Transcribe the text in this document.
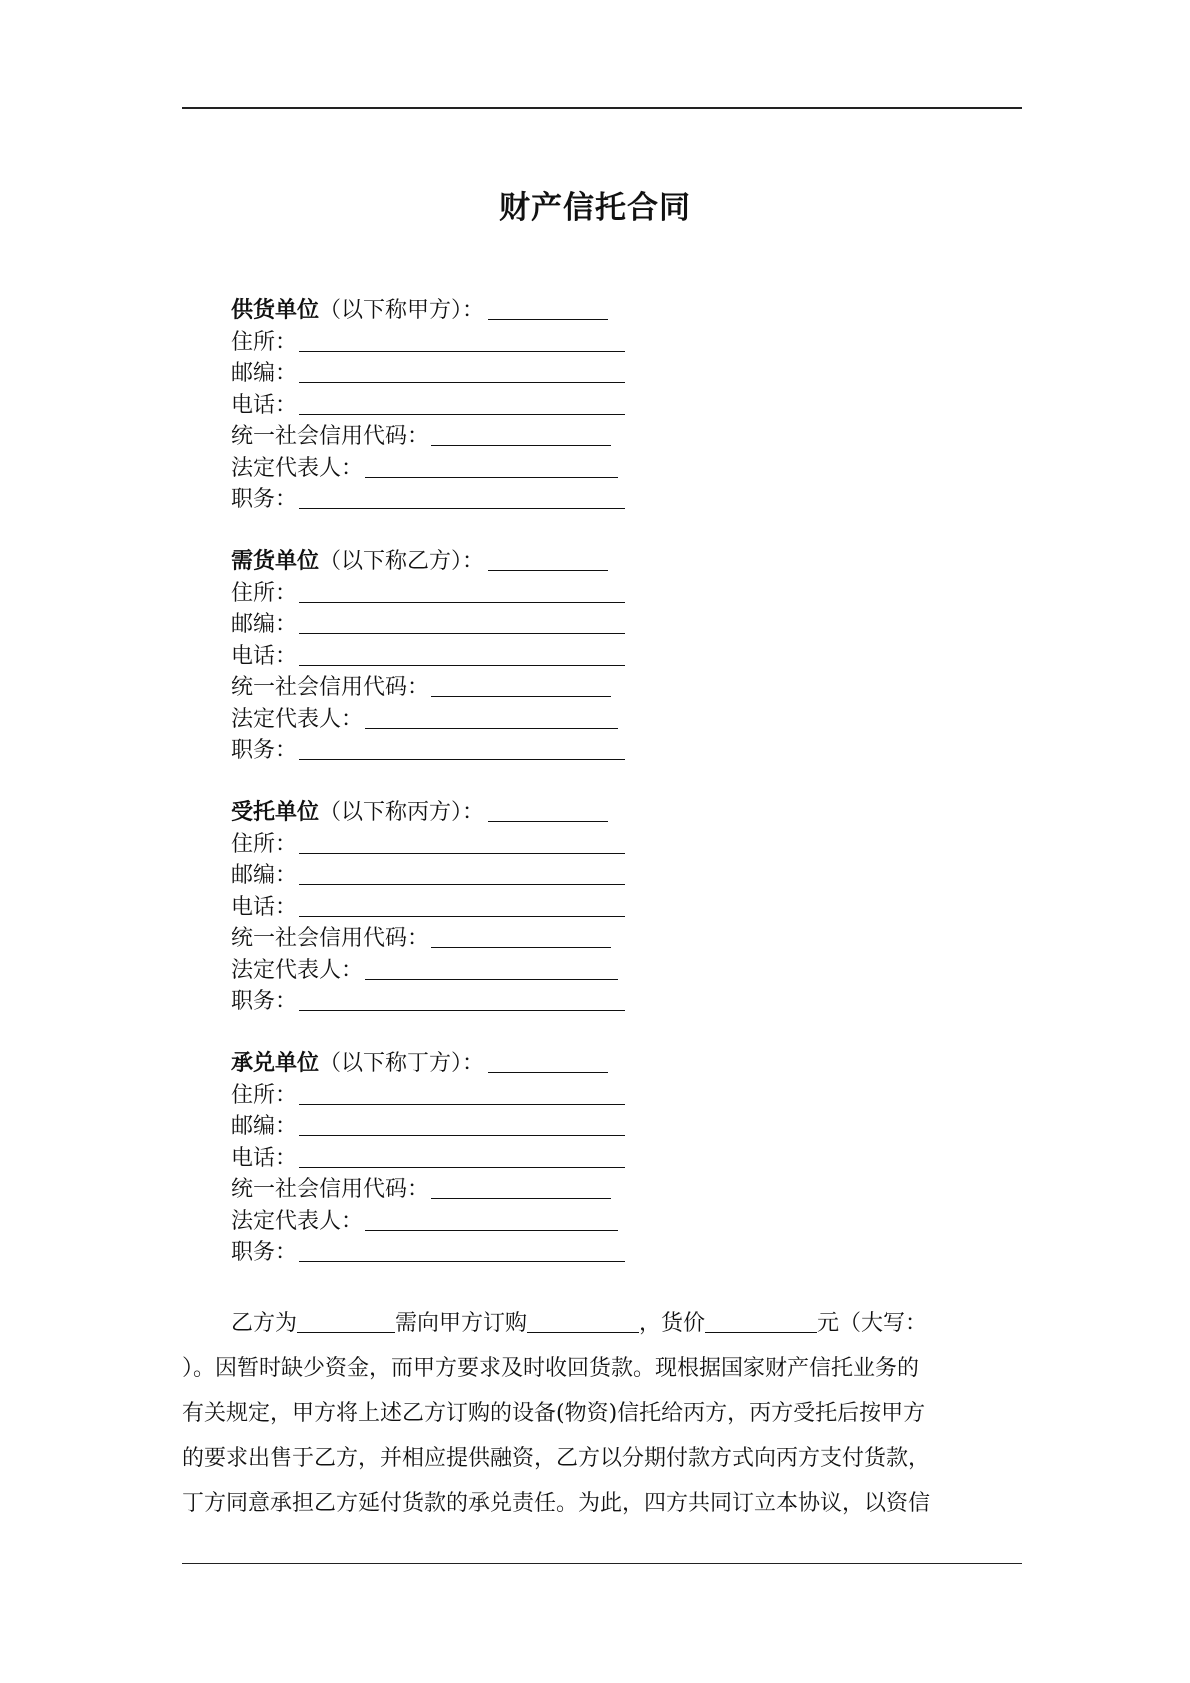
财产信托合同
供货单位 （以下称甲方）：
住所：
邮编：
电话：
统一社会信用代码：
法定代表人：
职务：
需货单位 （以下称乙方）：
住所：
邮编：
电话：
统一社会信用代码：
法定代表人：
职务：
受托单位 （以下称丙方）：
住所：
邮编：
电话：
统一社会信用代码：
法定代表人：
职务：
承兑单位 （以下称丁方）：
住所：
邮编：
电话：
统一社会信用代码：
法定代表人：
职务：
乙方为	需向甲方订购	，货价	元（大写：
）。因暂时缺少资金，而甲方要求及时收回货款。现根据国家财产信托业务的
有关规定，甲方将上述乙方订购的设备(物资)信托给丙方，丙方受托后按甲方
的要求出售于乙方，并相应提供融资，乙方以分期付款方式向丙方支付货款，
丁方同意承担乙方延付货款的承兑责任。为此，四方共同订立本协议，以资信
